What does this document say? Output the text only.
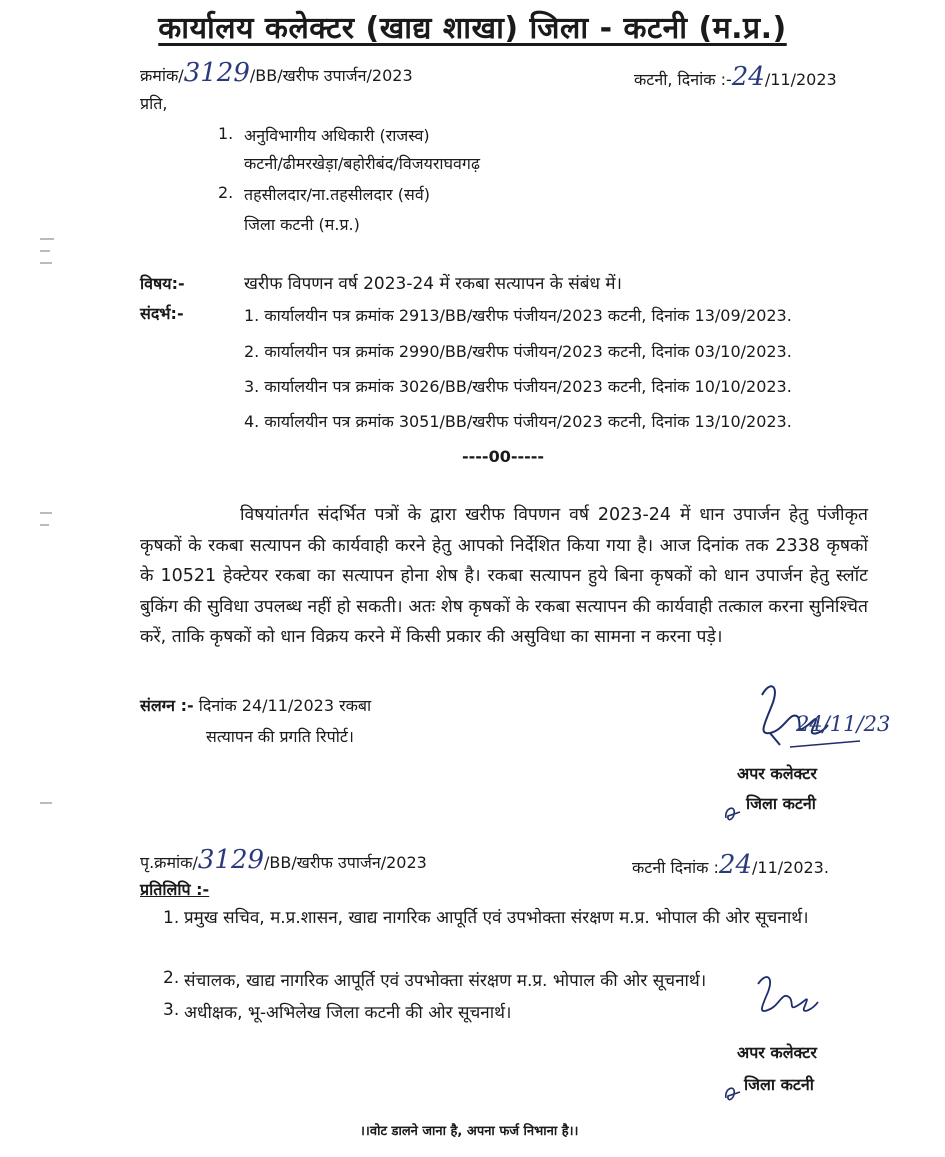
कार्यालय कलेक्टर (खाद्य शाखा) जिला - कटनी (म.प्र.)
क्रमांक/3129/BB/खरीफ उपार्जन/2023	कटनी, दिनांक :-24/11/2023
प्रति,
1. अनुविभागीय अधिकारी (राजस्व)
कटनी/ढीमरखेड़ा/बहोरीबंद/विजयराघवगढ़
2. तहसीलदार/ना.तहसीलदार (सर्व)
जिला कटनी (म.प्र.)
विषय:-	खरीफ विपणन वर्ष 2023-24 में रकबा सत्यापन के संबंध में।
संदर्भ:-	1. कार्यालयीन पत्र क्रमांक 2913/BB/खरीफ पंजीयन/2023 कटनी, दिनांक 13/09/2023.
2. कार्यालयीन पत्र क्रमांक 2990/BB/खरीफ पंजीयन/2023 कटनी, दिनांक 03/10/2023.
3. कार्यालयीन पत्र क्रमांक 3026/BB/खरीफ पंजीयन/2023 कटनी, दिनांक 10/10/2023.
4. कार्यालयीन पत्र क्रमांक 3051/BB/खरीफ पंजीयन/2023 कटनी, दिनांक 13/10/2023.
----00-----
विषयांतर्गत संदर्भित पत्रों के द्वारा खरीफ विपणन वर्ष 2023-24 में धान उपार्जन हेतु पंजीकृत कृषकों के रकबा सत्यापन की कार्यवाही करने हेतु आपको निर्देशित किया गया है। आज दिनांक तक 2338 कृषकों के 10521 हेक्टेयर रकबा का सत्यापन होना शेष है। रकबा सत्यापन हुये बिना कृषकों को धान उपार्जन हेतु स्लॉट बुकिंग की सुविधा उपलब्ध नहीं हो सकती। अतः शेष कृषकों के रकबा सत्यापन की कार्यवाही तत्काल करना सुनिश्चित करें, ताकि कृषकों को धान विक्रय करने में किसी प्रकार की असुविधा का सामना न करना पड़े।
संलग्न :- दिनांक 24/11/2023 रकबा
सत्यापन की प्रगति रिपोर्ट।
24/11/23
अपर कलेक्टर
जिला कटनी
पृ.क्रमांक/3129/BB/खरीफ उपार्जन/2023	कटनी दिनांक :24/11/2023.
प्रतिलिपि :-
1. प्रमुख सचिव, म.प्र.शासन, खाद्य नागरिक आपूर्ति एवं उपभोक्ता संरक्षण म.प्र. भोपाल की ओर सूचनार्थ।
2. संचालक, खाद्य नागरिक आपूर्ति एवं उपभोक्ता संरक्षण म.प्र. भोपाल की ओर सूचनार्थ।
3. अधीक्षक, भू-अभिलेख जिला कटनी की ओर सूचनार्थ।
अपर कलेक्टर
जिला कटनी
।।वोट डालने जाना है, अपना फर्ज निभाना है।।
